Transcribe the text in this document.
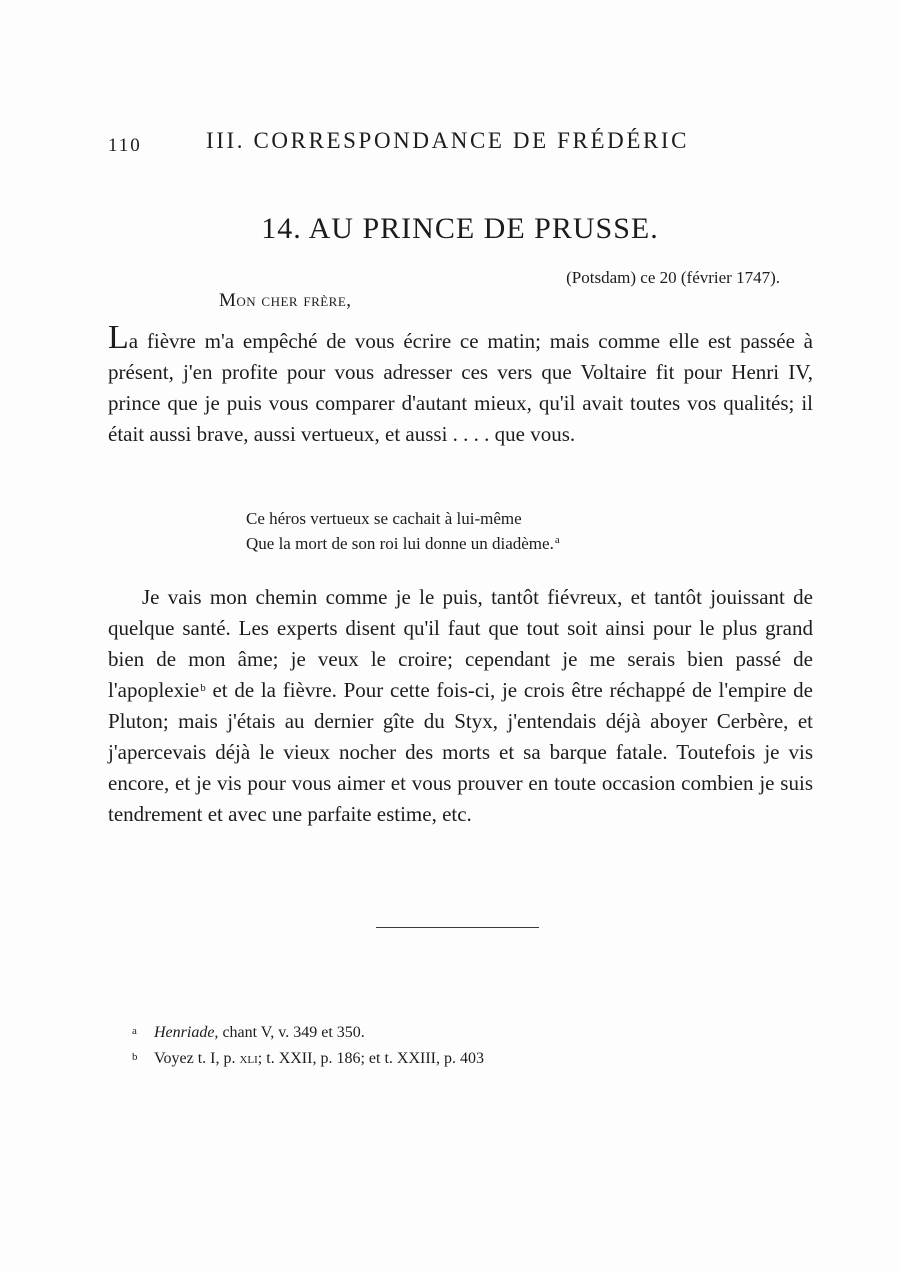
110	III. CORRESPONDANCE DE FRÉDÉRIC
14. AU PRINCE DE PRUSSE.
(Potsdam) ce 20 (février 1747).
Mon cher frère,

La fièvre m'a empêché de vous écrire ce matin; mais comme elle est passée à présent, j'en profite pour vous adresser ces vers que Voltaire fit pour Henri IV, prince que je puis vous comparer d'autant mieux, qu'il avait toutes vos qualités; il était aussi brave, aussi vertueux, et aussi . . . . que vous.

Ce héros vertueux se cachait à lui-même
Que la mort de son roi lui donne un diadème.$^a$

Je vais mon chemin comme je le puis, tantôt fiévreux, et tantôt jouissant de quelque santé. Les experts disent qu'il faut que tout soit ainsi pour le plus grand bien de mon âme; je veux le croire; cependant je me serais bien passé de l'apoplexie$^b$ et de la fièvre. Pour cette fois-ci, je crois être réchappé de l'empire de Pluton; mais j'étais au dernier gîte du Styx, j'entendais déjà aboyer Cerbère, et j'apercevais déjà le vieux nocher des morts et sa barque fatale. Toutefois je vis encore, et je vis pour vous aimer et vous prouver en toute occasion combien je suis tendrement et avec une parfaite estime, etc.

a Henriade, chant V, v. 349 et 350.
b Voyez t. I, p. xli; t. XXII, p. 186; et t. XXIII, p. 403
